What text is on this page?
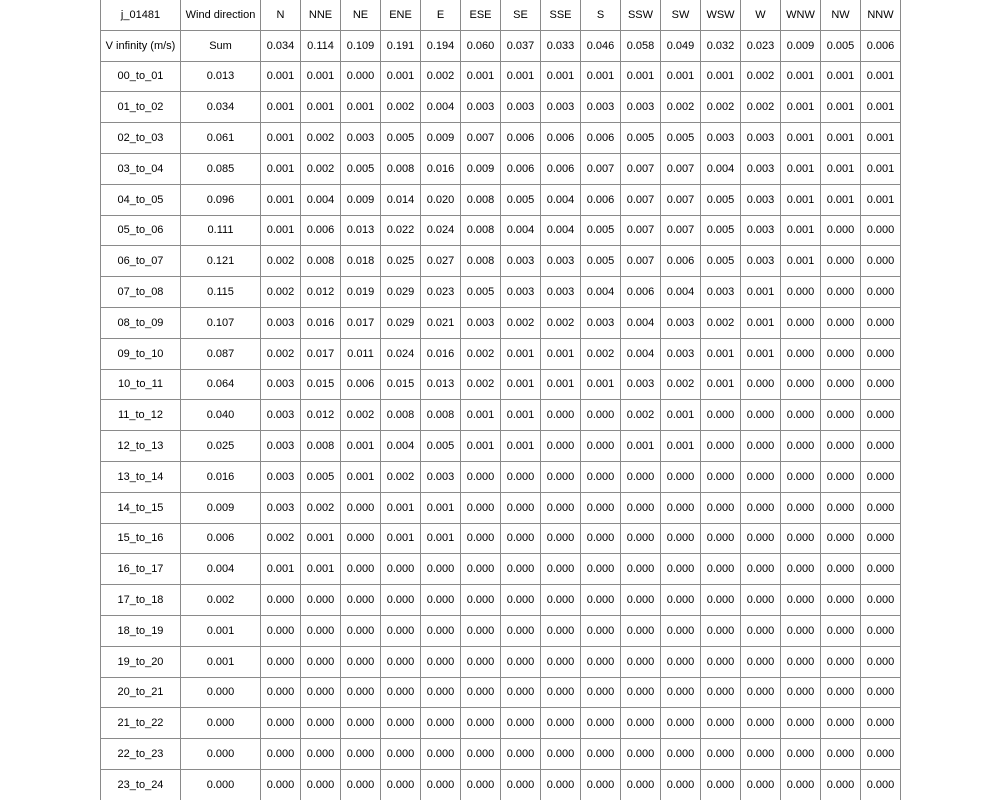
j_01481	Wind direction	N	NNE	NE	ENE	E	ESE	SE	SSE	S	SSW	SW	WSW	W	WNW	NW	NNW
V infinity (m/s)	Sum	0.034	0.114	0.109	0.191	0.194	0.060	0.037	0.033	0.046	0.058	0.049	0.032	0.023	0.009	0.005	0.006
00_to_01	0.013	0.001	0.001	0.000	0.001	0.002	0.001	0.001	0.001	0.001	0.001	0.001	0.001	0.002	0.001	0.001	0.001
01_to_02	0.034	0.001	0.001	0.001	0.002	0.004	0.003	0.003	0.003	0.003	0.003	0.002	0.002	0.002	0.001	0.001	0.001
02_to_03	0.061	0.001	0.002	0.003	0.005	0.009	0.007	0.006	0.006	0.006	0.005	0.005	0.003	0.003	0.001	0.001	0.001
03_to_04	0.085	0.001	0.002	0.005	0.008	0.016	0.009	0.006	0.006	0.007	0.007	0.007	0.004	0.003	0.001	0.001	0.001
04_to_05	0.096	0.001	0.004	0.009	0.014	0.020	0.008	0.005	0.004	0.006	0.007	0.007	0.005	0.003	0.001	0.001	0.001
05_to_06	0.111	0.001	0.006	0.013	0.022	0.024	0.008	0.004	0.004	0.005	0.007	0.007	0.005	0.003	0.001	0.000	0.000
06_to_07	0.121	0.002	0.008	0.018	0.025	0.027	0.008	0.003	0.003	0.005	0.007	0.006	0.005	0.003	0.001	0.000	0.000
07_to_08	0.115	0.002	0.012	0.019	0.029	0.023	0.005	0.003	0.003	0.004	0.006	0.004	0.003	0.001	0.000	0.000	0.000
08_to_09	0.107	0.003	0.016	0.017	0.029	0.021	0.003	0.002	0.002	0.003	0.004	0.003	0.002	0.001	0.000	0.000	0.000
09_to_10	0.087	0.002	0.017	0.011	0.024	0.016	0.002	0.001	0.001	0.002	0.004	0.003	0.001	0.001	0.000	0.000	0.000
10_to_11	0.064	0.003	0.015	0.006	0.015	0.013	0.002	0.001	0.001	0.001	0.003	0.002	0.001	0.000	0.000	0.000	0.000
11_to_12	0.040	0.003	0.012	0.002	0.008	0.008	0.001	0.001	0.000	0.000	0.002	0.001	0.000	0.000	0.000	0.000	0.000
12_to_13	0.025	0.003	0.008	0.001	0.004	0.005	0.001	0.001	0.000	0.000	0.001	0.001	0.000	0.000	0.000	0.000	0.000
13_to_14	0.016	0.003	0.005	0.001	0.002	0.003	0.000	0.000	0.000	0.000	0.000	0.000	0.000	0.000	0.000	0.000	0.000
14_to_15	0.009	0.003	0.002	0.000	0.001	0.001	0.000	0.000	0.000	0.000	0.000	0.000	0.000	0.000	0.000	0.000	0.000
15_to_16	0.006	0.002	0.001	0.000	0.001	0.001	0.000	0.000	0.000	0.000	0.000	0.000	0.000	0.000	0.000	0.000	0.000
16_to_17	0.004	0.001	0.001	0.000	0.000	0.000	0.000	0.000	0.000	0.000	0.000	0.000	0.000	0.000	0.000	0.000	0.000
17_to_18	0.002	0.000	0.000	0.000	0.000	0.000	0.000	0.000	0.000	0.000	0.000	0.000	0.000	0.000	0.000	0.000	0.000
18_to_19	0.001	0.000	0.000	0.000	0.000	0.000	0.000	0.000	0.000	0.000	0.000	0.000	0.000	0.000	0.000	0.000	0.000
19_to_20	0.001	0.000	0.000	0.000	0.000	0.000	0.000	0.000	0.000	0.000	0.000	0.000	0.000	0.000	0.000	0.000	0.000
20_to_21	0.000	0.000	0.000	0.000	0.000	0.000	0.000	0.000	0.000	0.000	0.000	0.000	0.000	0.000	0.000	0.000	0.000
21_to_22	0.000	0.000	0.000	0.000	0.000	0.000	0.000	0.000	0.000	0.000	0.000	0.000	0.000	0.000	0.000	0.000	0.000
22_to_23	0.000	0.000	0.000	0.000	0.000	0.000	0.000	0.000	0.000	0.000	0.000	0.000	0.000	0.000	0.000	0.000	0.000
23_to_24	0.000	0.000	0.000	0.000	0.000	0.000	0.000	0.000	0.000	0.000	0.000	0.000	0.000	0.000	0.000	0.000	0.000
